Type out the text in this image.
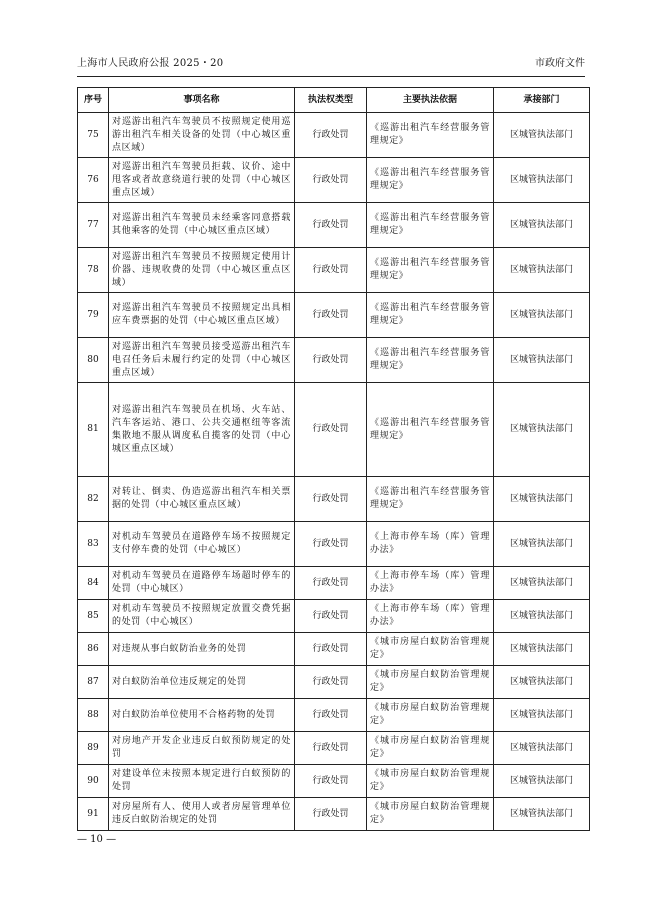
上海市人民政府公报 2025・20	市政府文件
序号	事项名称	执法权类型	主要执法依据	承接部门
75	对巡游出租汽车驾驶员不按照规定使用巡游出租汽车相关设备的处罚（中心城区重点区域）	行政处罚	《巡游出租汽车经营服务管理规定》	区城管执法部门
76	对巡游出租汽车驾驶员拒载、议价、途中甩客或者故意绕道行驶的处罚（中心城区重点区域）	行政处罚	《巡游出租汽车经营服务管理规定》	区城管执法部门
77	对巡游出租汽车驾驶员未经乘客同意搭载其他乘客的处罚（中心城区重点区域）	行政处罚	《巡游出租汽车经营服务管理规定》	区城管执法部门
78	对巡游出租汽车驾驶员不按照规定使用计价器、违规收费的处罚（中心城区重点区域）	行政处罚	《巡游出租汽车经营服务管理规定》	区城管执法部门
79	对巡游出租汽车驾驶员不按照规定出具相应车费票据的处罚（中心城区重点区域）	行政处罚	《巡游出租汽车经营服务管理规定》	区城管执法部门
80	对巡游出租汽车驾驶员接受巡游出租汽车电召任务后未履行约定的处罚（中心城区重点区域）	行政处罚	《巡游出租汽车经营服务管理规定》	区城管执法部门
81	对巡游出租汽车驾驶员在机场、火车站、汽车客运站、港口、公共交通枢纽等客流集散地不服从调度私自揽客的处罚（中心城区重点区域）	行政处罚	《巡游出租汽车经营服务管理规定》	区城管执法部门
82	对转让、倒卖、伪造巡游出租汽车相关票据的处罚（中心城区重点区域）	行政处罚	《巡游出租汽车经营服务管理规定》	区城管执法部门
83	对机动车驾驶员在道路停车场不按照规定支付停车费的处罚（中心城区）	行政处罚	《上海市停车场（库）管理办法》	区城管执法部门
84	对机动车驾驶员在道路停车场超时停车的处罚（中心城区）	行政处罚	《上海市停车场（库）管理办法》	区城管执法部门
85	对机动车驾驶员不按照规定放置交费凭据的处罚（中心城区）	行政处罚	《上海市停车场（库）管理办法》	区城管执法部门
86	对违规从事白蚁防治业务的处罚	行政处罚	《城市房屋白蚁防治管理规定》	区城管执法部门
87	对白蚁防治单位违反规定的处罚	行政处罚	《城市房屋白蚁防治管理规定》	区城管执法部门
88	对白蚁防治单位使用不合格药物的处罚	行政处罚	《城市房屋白蚁防治管理规定》	区城管执法部门
89	对房地产开发企业违反白蚁预防规定的处罚	行政处罚	《城市房屋白蚁防治管理规定》	区城管执法部门
90	对建设单位未按照本规定进行白蚁预防的处罚	行政处罚	《城市房屋白蚁防治管理规定》	区城管执法部门
91	对房屋所有人、使用人或者房屋管理单位违反白蚁防治规定的处罚	行政处罚	《城市房屋白蚁防治管理规定》	区城管执法部门
— 10 —
